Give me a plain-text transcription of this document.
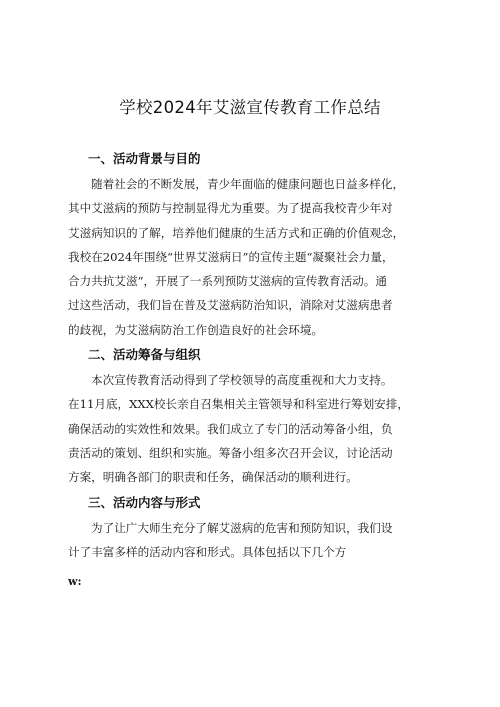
学校2024年艾滋宣传教育工作总结
一、活动背景与目的

随着社会的不断发展，青少年面临的健康问题也日益多样化，
其中艾滋病的预防与控制显得尤为重要。为了提高我校青少年对
艾滋病知识的了解，培养他们健康的生活方式和正确的价值观念，
我校在2024年围绕“世界艾滋病日”的宣传主题“凝聚社会力量，
合力共抗艾滋”，开展了一系列预防艾滋病的宣传教育活动。通
过这些活动，我们旨在普及艾滋病防治知识，消除对艾滋病患者
的歧视，为艾滋病防治工作创造良好的社会环境。

二、活动筹备与组织

本次宣传教育活动得到了学校领导的高度重视和大力支持。
在11月底，XXX校长亲自召集相关主管领导和科室进行筹划安排，
确保活动的实效性和效果。我们成立了专门的活动筹备小组，负
责活动的策划、组织和实施。筹备小组多次召开会议，讨论活动
方案，明确各部门的职责和任务，确保活动的顺利进行。

三、活动内容与形式

为了让广大师生充分了解艾滋病的危害和预防知识，我们设
计了丰富多样的活动内容和形式。具体包括以下几个方

w:
